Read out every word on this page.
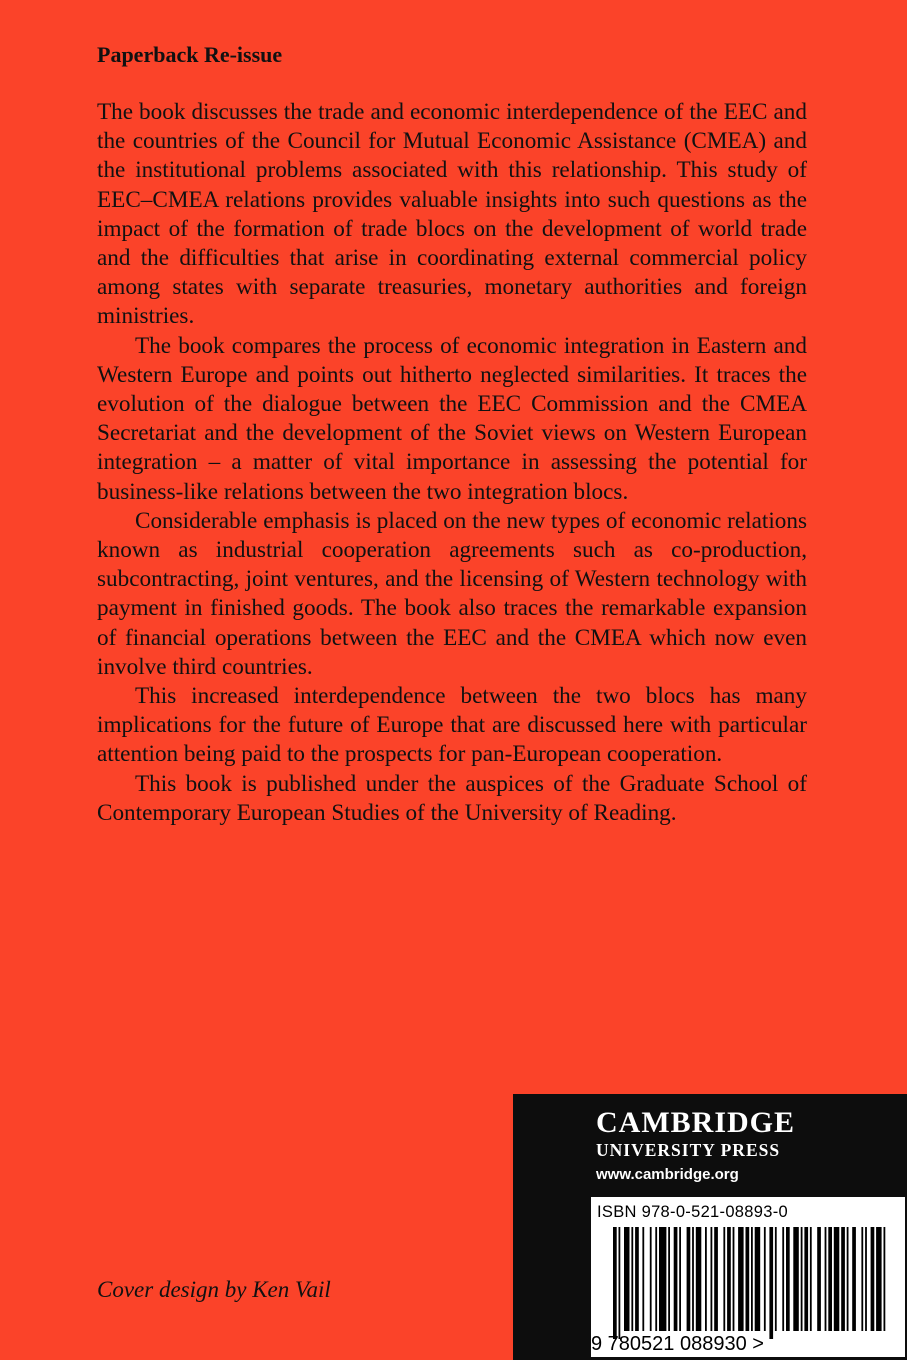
Paperback Re-issue

The book discusses the trade and economic interdependence of the EEC and the countries of the Council for Mutual Economic Assistance (CMEA) and the institutional problems associated with this relationship. This study of EEC–CMEA relations provides valuable insights into such questions as the impact of the formation of trade blocs on the development of world trade and the difficulties that arise in coordinating external commercial policy among states with separate treasuries, monetary authorities and foreign ministries.

The book compares the process of economic integration in Eastern and Western Europe and points out hitherto neglected similarities. It traces the evolution of the dialogue between the EEC Commission and the CMEA Secretariat and the development of the Soviet views on Western European integration – a matter of vital importance in assessing the potential for business-like relations between the two integration blocs.

Considerable emphasis is placed on the new types of economic relations known as industrial cooperation agreements such as co-production, subcontracting, joint ventures, and the licensing of Western technology with payment in finished goods. The book also traces the remarkable expansion of financial operations between the EEC and the CMEA which now even involve third countries.

This increased interdependence between the two blocs has many implications for the future of Europe that are discussed here with particular attention being paid to the prospects for pan-European cooperation.

This book is published under the auspices of the Graduate School of Contemporary European Studies of the University of Reading.

Cover design by Ken Vail
CAMBRIDGE
UNIVERSITY PRESS
www.cambridge.org
ISBN 978-0-521-08893-0
9 780521 088930 >
